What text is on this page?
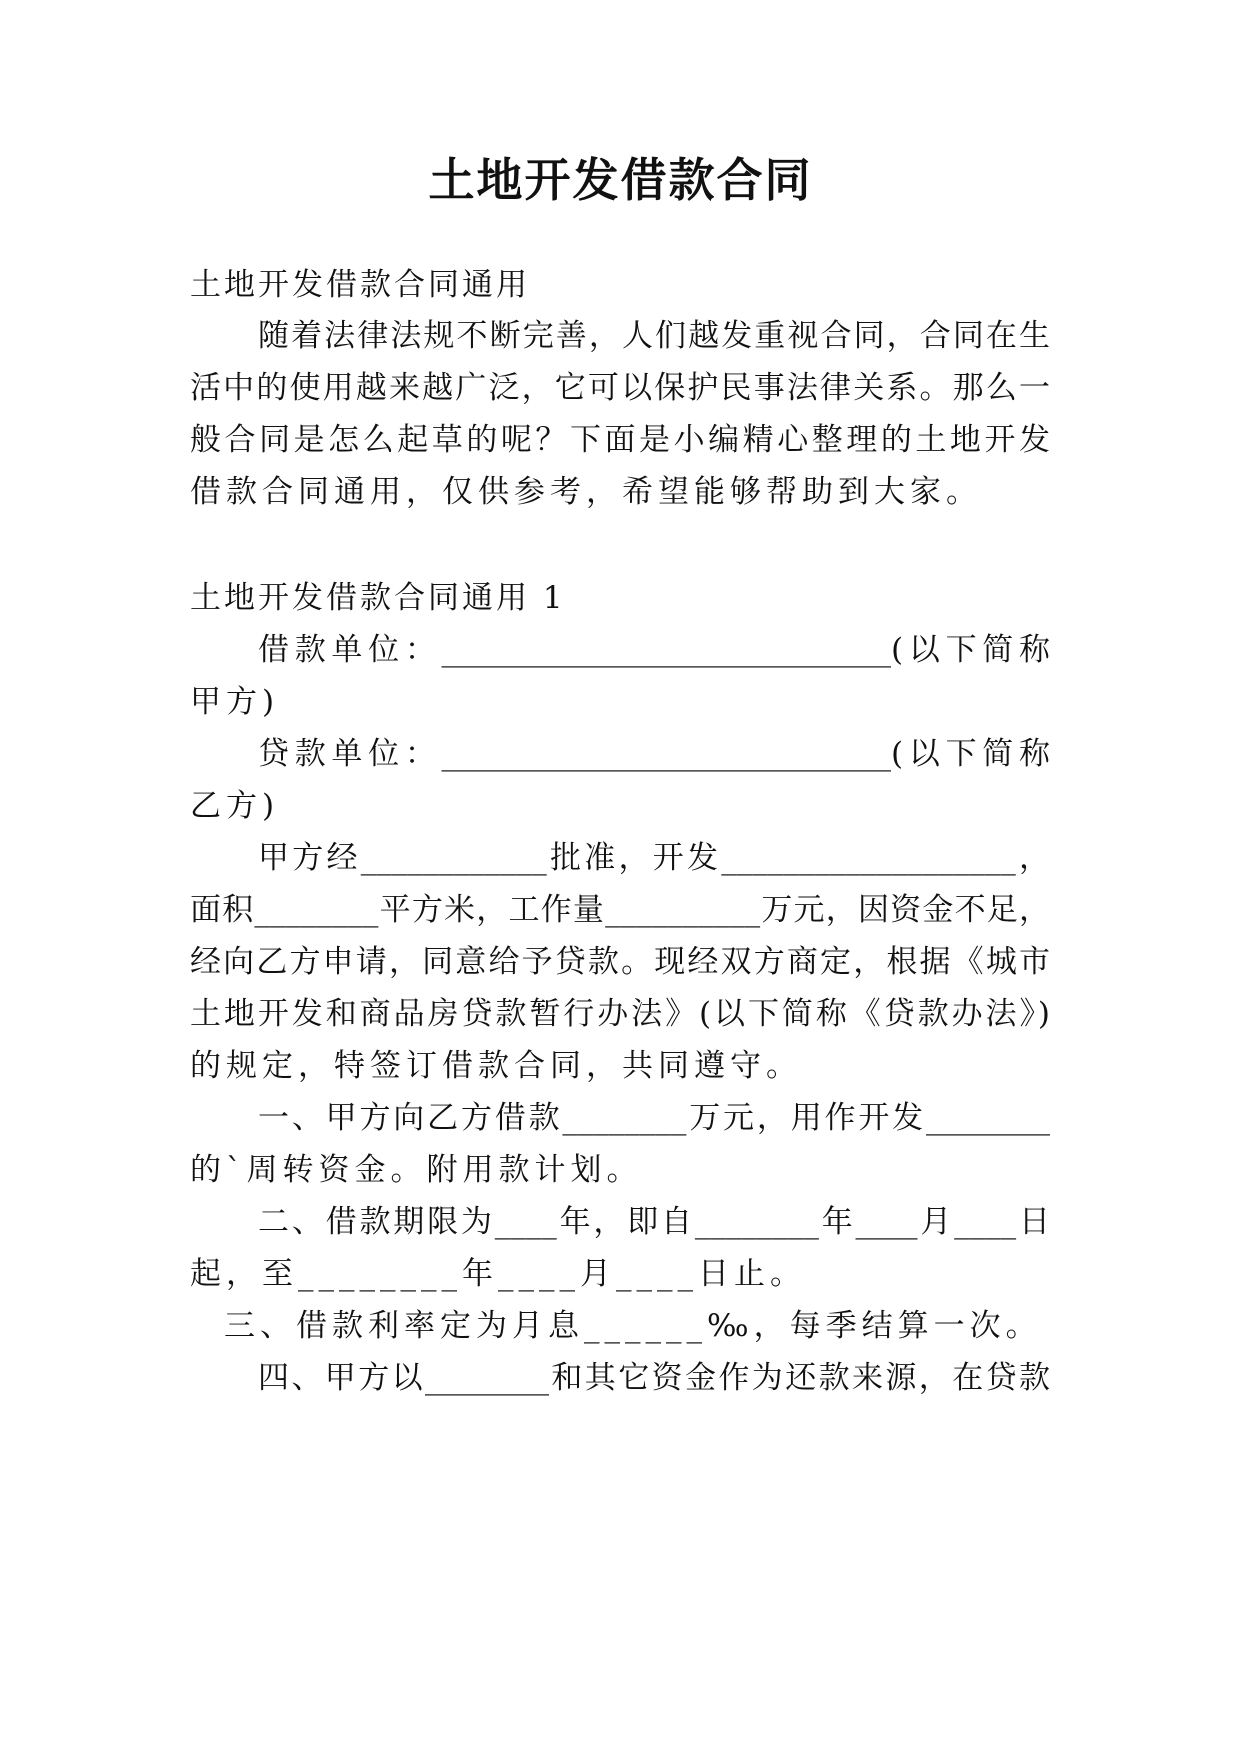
土地开发借款合同
土地开发借款合同通用
随着法律法规不断完善，人们越发重视合同，合同在生
活中的使用越来越广泛，它可以保护民事法律关系。那么一
般合同是怎么起草的呢？下面是小编精心整理的土地开发
借款合同通用，仅供参考，希望能够帮助到大家。
土地开发借款合同通用 1
借款单位：_____________________________(以下简称
甲方)
贷款单位：_____________________________(以下简称
乙方)
甲方经____________批准，开发___________________，
面积________平方米，工作量__________万元，因资金不足，
经向乙方申请，同意给予贷款。现经双方商定，根据《城市
土地开发和商品房贷款暂行办法》(以下简称《贷款办法》)
的规定，特签订借款合同，共同遵守。
一、甲方向乙方借款________万元，用作开发________
的`周转资金。附用款计划。
二、借款期限为____年，即自________年____月____日
起，至________年____月____日止。
三、借款利率定为月息______‰，每季结算一次。
四、甲方以________和其它资金作为还款来源，在贷款
